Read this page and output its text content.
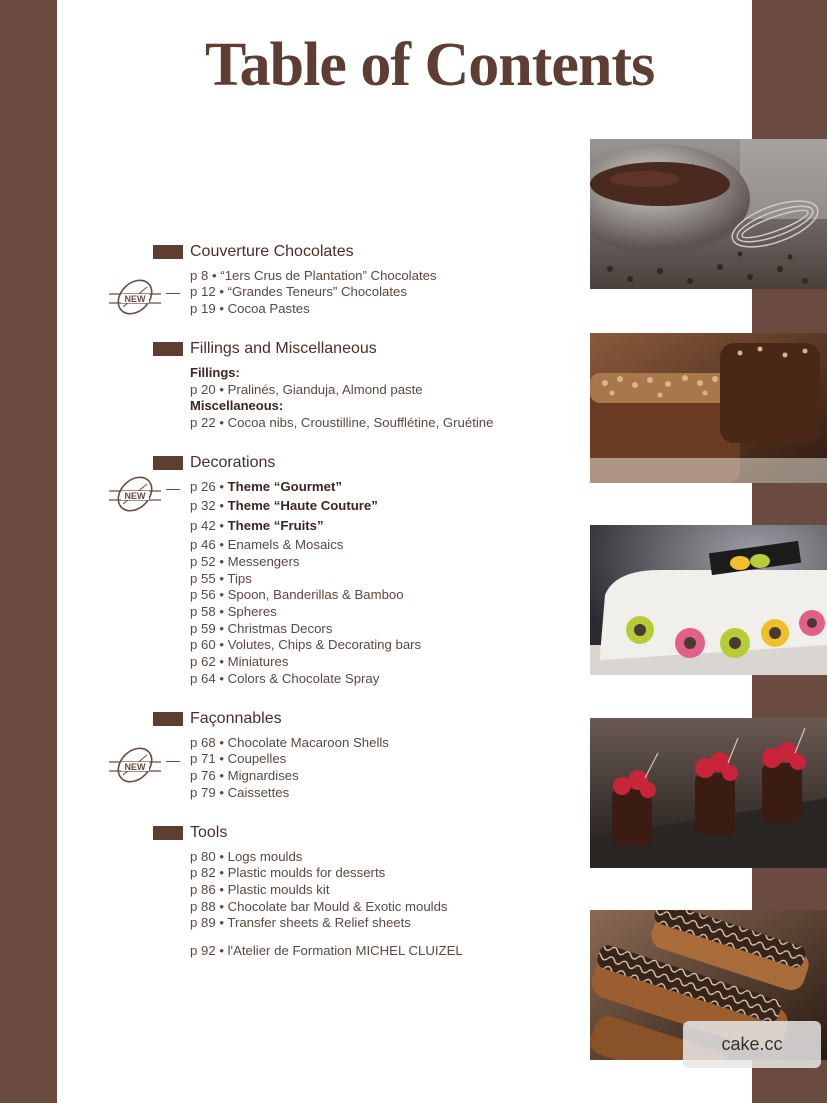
Table of Contents
Couverture Chocolates
p 8 • “1ers Crus de Plantation” Chocolates
p 12 • “Grandes Teneurs” Chocolates
p 19 • Cocoa Pastes
NEW
Fillings and Miscellaneous
Fillings:
p 20 • Pralinés, Gianduja, Almond paste
Miscellaneous:
p 22 • Cocoa nibs, Croustilline, Soufflétine, Gruétine
Decorations
p 26 • Theme “Gourmet”
p 32 • Theme “Haute Couture”
p 42 • Theme “Fruits”
p 46 • Enamels & Mosaics
p 52 • Messengers
p 55 • Tips
p 56 • Spoon, Banderillas & Bamboo
p 58 • Spheres
p 59 • Christmas Decors
p 60 • Volutes, Chips & Decorating bars
p 62 • Miniatures
p 64 • Colors & Chocolate Spray
NEW
Façonnables
p 68 • Chocolate Macaroon Shells
p 71 • Coupelles
p 76 • Mignardises
p 79 • Caissettes
NEW
Tools
p 80 • Logs moulds
p 82 • Plastic moulds for desserts
p 86 • Plastic moulds kit
p 88 • Chocolate bar Mould & Exotic moulds
p 89 • Transfer sheets & Relief sheets
p 92 • l'Atelier de Formation MICHEL CLUIZEL
cake.cc
